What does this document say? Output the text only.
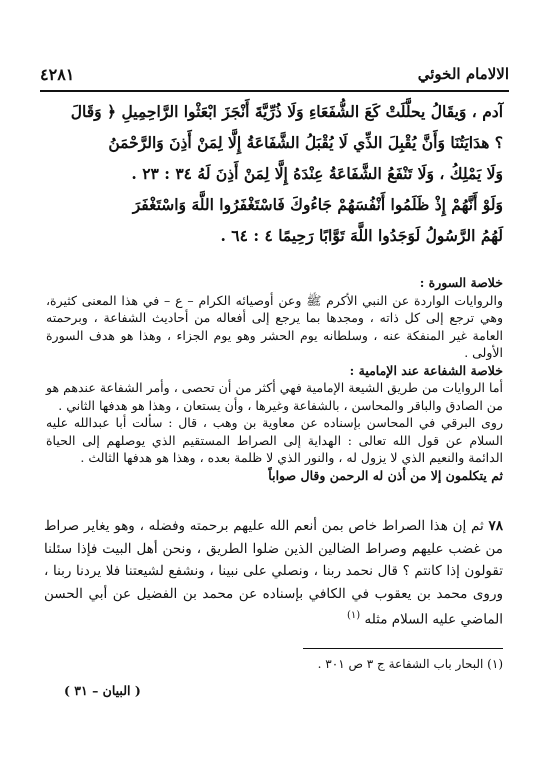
الالامام الخوئي
٤٢٨١

آدم ، وَيقَالُ يحلَّلَتْ كَعَ الشُّفَعَاءِ وَلَا ذُرِّيَّةَ أَنْجَزَ ابْعَثْوا الرَّاحِمِيلِ ﴿ وَقَالَ

؟ هدَايَتُنَا وَأَنَّ يُقْبِلَ الذِّي لَا يُقْبَلُ الشَّفَاعَةُ إِلَّا لِمَنْ أَذِنَ وَالرَّحْمَنُ

وَلَا يَمْلِكُ ، وَلَا تَنْفَعُ الشَّفَاعَةُ عِنْدَهُ إِلَّا لِمَنْ أَذِنَ لَهُ ٣٤ : ٢٣ .

وَلَوْ أَنَّهُمْ إِذْ ظَلَمُوا أَنْفُسَهُمْ جَاءُوكَ فَاسْتَغْفَرُوا اللَّهَ وَاسْتَغْفَرَ

لَهُمُ الرَّسُولُ لَوَجَدُوا اللَّهَ تَوَّابًا رَحِيمًا ٤ : ٦٤ .

خلاصة السورة :

والروايات الواردة عن النبي الأكرم ﷺ وعن أوصيائه الكرام – ع – في هذا المعنى كثيرة، وهي ترجع إلى كل ذاته ، ومجدها بما يرجع إلى أفعاله من أحاديث الشفاعة ، وبرحمته العامة غير المنفكة عنه ، وسلطانه يوم الحشر وهو يوم الجزاء ، وهذا هو هدف السورة الأولى .

خلاصة الشفاعة عند الإمامية :

أما الروايات من طريق الشيعة الإمامية فهي أكثر من أن تحصى ، وأمر الشفاعة عندهم هو من الصادق والباقر والمحاسن ، بالشفاعة وغيرها ، وأن يستعان ، وهذا هو هدفها الثاني .

روى البرقي في المحاسن بإسناده عن معاوية بن وهب ، قال : سألت أبا عبدالله عليه السلام عن قول الله تعالى : الهداية إلى الصراط المستقيم الذي يوصلهم إلى الحياة الدائمة والنعيم الذي لا يزول له ، والنور الذي لا ظلمة بعده ، وهذا هو هدفها الثالث .

ثم يتكلمون إلا من أذن له الرحمن وقال صواباً

٧٨ ثم إن هذا الصراط خاص بمن أنعم الله عليهم برحمته وفضله ، وهو يغاير صراط من غضب عليهم وصراط الضالين الذين ضلوا الطريق ، ونحن أهل البيت فإذا سئلنا تقولون إذا كانتم ؟ قال نحمد ربنا ، ونصلي على نبينا ، ونشفع لشيعتنا فلا يردنا ربنا ، وروى محمد بن يعقوب في الكافي بإسناده عن محمد بن الفضيل عن أبي الحسن الماضي عليه السلام مثله $^{(١)}$

(١) البحار باب الشفاعة ج ٣ ص ٣٠١ .
( البيان – ٣١ )
